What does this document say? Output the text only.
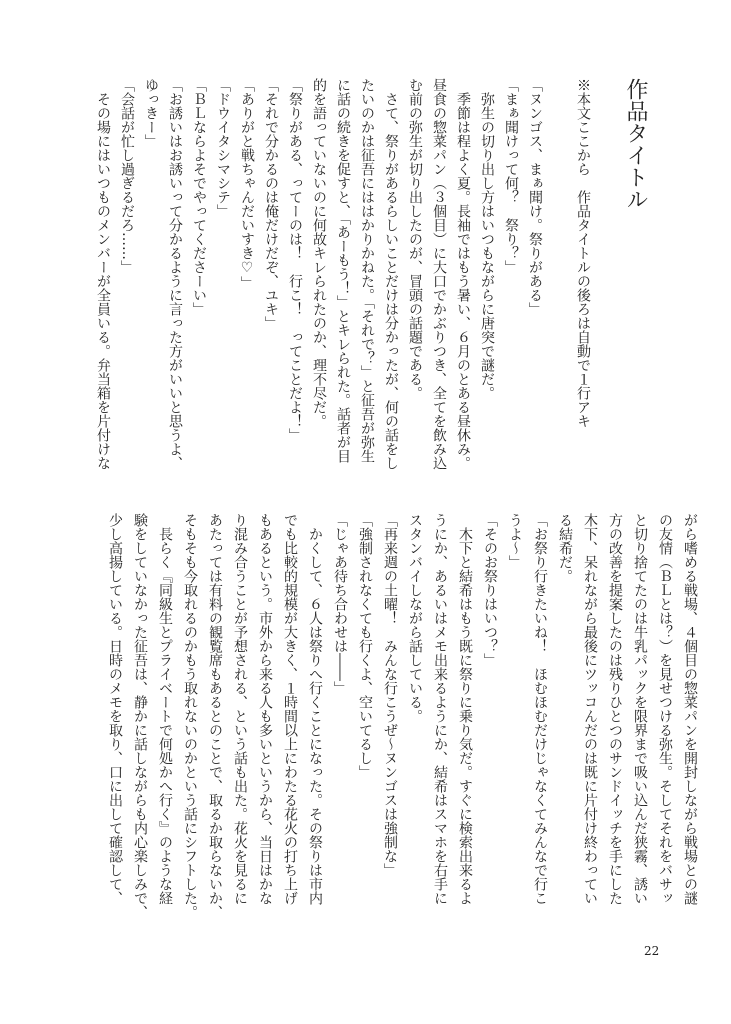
作品タイトル
※本文ここから　作品タイトルの後ろは自動で１行アキ
「ヌンゴス、まぁ聞け。祭りがある」
「まぁ聞けって何？　祭り？」
　弥生の切り出し方はいつもながらに唐突で謎だ。
　季節は程よく夏。長袖ではもう暑い、６月のとある昼休み。
昼食の惣菜パン（３個目）に大口でかぶりつき、全てを飲み込
む前の弥生が切り出したのが、冒頭の話題である。
　さて、祭りがあるらしいことだけは分かったが、何の話をし
たいのかは征吾にははかりかねた。「それで？」と征吾が弥生
に話の続きを促すと、「あーもう！」とキレられた。話者が目
的を語っていないのに何故キレられたのか、理不尽だ。
「祭りがある、ってーのは！　行こ！　ってことだよ！」
「それで分かるのは俺だけだぞ、ユキ」
「ありがと戦ちゃんだいすき♡」
「ドウイタシマシテ」
「ＢＬならよそでやってくださーい」
「お誘いはお誘いって分かるように言った方がいいと思うよ、
ゆっきー」
「会話が忙し過ぎるだろ……」
　その場にはいつものメンバーが全員いる。弁当箱を片付けな
がら嗜める戦場、４個目の惣菜パンを開封しながら戦場との謎
の友情（ＢＬとは？）を見せつける弥生。そしてそれをバサッ
と切り捨てたのは牛乳パックを限界まで吸い込んだ狭霧、誘い
方の改善を提案したのは残りひとつのサンドイッチを手にした
木下、呆れながら最後にツッコんだのは既に片付け終わってい
る結希だ。
「お祭り行きたいね！　ほむほむだけじゃなくてみんなで行こ
うよ～」
「そのお祭りはいつ？」
　木下と結希はもう既に祭りに乗り気だ。すぐに検索出来るよ
うにか、あるいはメモ出来るようにか、結希はスマホを右手に
スタンバイしながら話している。
「再来週の土曜！　みんな行こうぜ～ヌンゴスは強制な」
「強制されなくても行くよ、空いてるし」
「じゃあ待ち合わせは――」
　かくして、６人は祭りへ行くことになった。その祭りは市内
でも比較的規模が大きく、１時間以上にわたる花火の打ち上げ
もあるという。市外から来る人も多いというから、当日はかな
り混み合うことが予想される、という話も出た。花火を見るに
あたっては有料の観覧席もあるとのことで、取るか取らないか、
そもそも今取れるのかもう取れないのかという話にシフトした。
　長らく『同級生とプライベートで何処かへ行く』のような経
験をしていなかった征吾は、静かに話しながらも内心楽しみで、
少し高揚している。日時のメモを取り、口に出して確認して、
22
